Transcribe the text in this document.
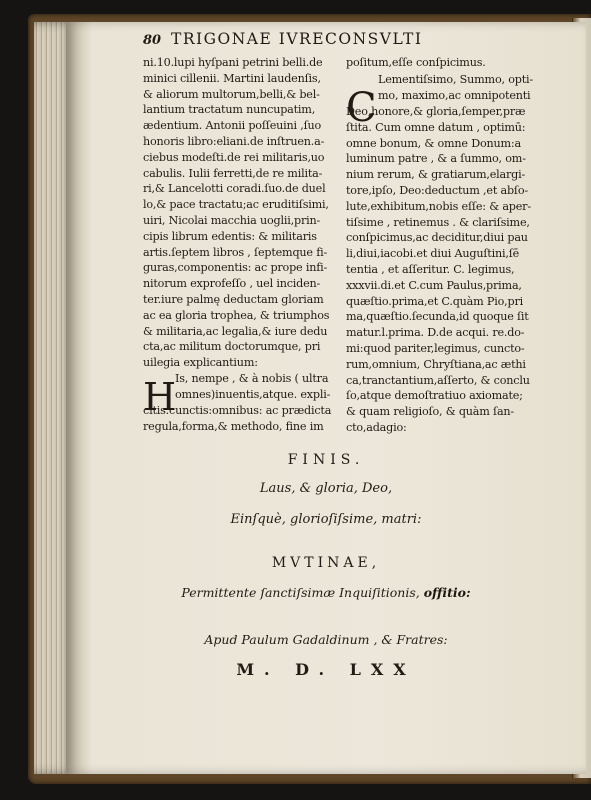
80 TRIGONAE IVRECONSVLTI
ni.10.lupi hyſpani petrini belli.de
minici cillenii. Martini laudenſis,
& aliorum multorum,belli,& bel-
lantium tractatum nuncupatim,
ædentium. Antonii poſſeuini ,ſuo
honoris libro:eliani.de inſtruen.a-
ciebus modeſti.de rei militaris,uo
cabulis. Iulii ferretti,de re milita-
ri,& Lancelotti coradi.ſuo.de duel
lo,& pace tractatu;ac eruditiſsimi,
uiri, Nicolai macchia uoglii,prin-
cipis librum edentis: & militaris
artis.ſeptem libros , ſeptemque fi-
guras,componentis: ac prope infi-
nitorum exprofeſſo , uel inciden-
ter.iure palmę deductam gloriam
ac ea gloria trophea, & triumphos
& militaria,ac legalia,& iure dedu
cta,ac militum doctorumque, pri
uilegia explicantium:
H
Is, nempe , & à nobis ( ultra
omnes)inuentis,atque. expli-
citis.cunctis:omnibus: ac prædicta
regula,forma,& methodo, fine im
poſitum,eſſe conſpicimus.
C
Lementiſsimo, Summo, opti-
mo, maximo,ac omnipotenti
Deo,honore,& gloria,ſemper,præ
ſtita. Cum omne datum , optimū:
omne bonum, & omne Donum:a
luminum patre , & a ſummo, om-
nium rerum, & gratiarum,elargi-
tore,ipſo, Deo:deductum ,et abſo-
lute,exhibitum,nobis eſſe: & aper-
tiſsime , retinemus . & clariſsime,
conſpicimus,ac deciditur,diui pau
li,diui,iacobi.et diui Auguſtini,ſē
tentia , et aſſeritur. C. legimus,
xxxvii.di.et C.cum Paulus,prima,
quæſtio.prima,et C.quàm Pio,pri
ma,quæſtio.ſecunda,id quoque ſit
matur.l.prima. D.de acqui. re.do-
mi:quod pariter,legimus, cuncto-
rum,omnium, Chryſtiana,ac æthi
ca,tranctantium,aſſerto, & conclu
ſo,atque demoſtratiuo axiomate;
& quam religioſo, & quàm ſan-
cto,adagio:
FINIS.
Laus, & gloria, Deo,
Einſquè, glorioſiſsime, matri:
MVTINAE,
Permittente ſanctiſsimæ Inquiſitionis, offitio:
Apud Paulum Gadaldinum , & Fratres:
M. D. LXX
